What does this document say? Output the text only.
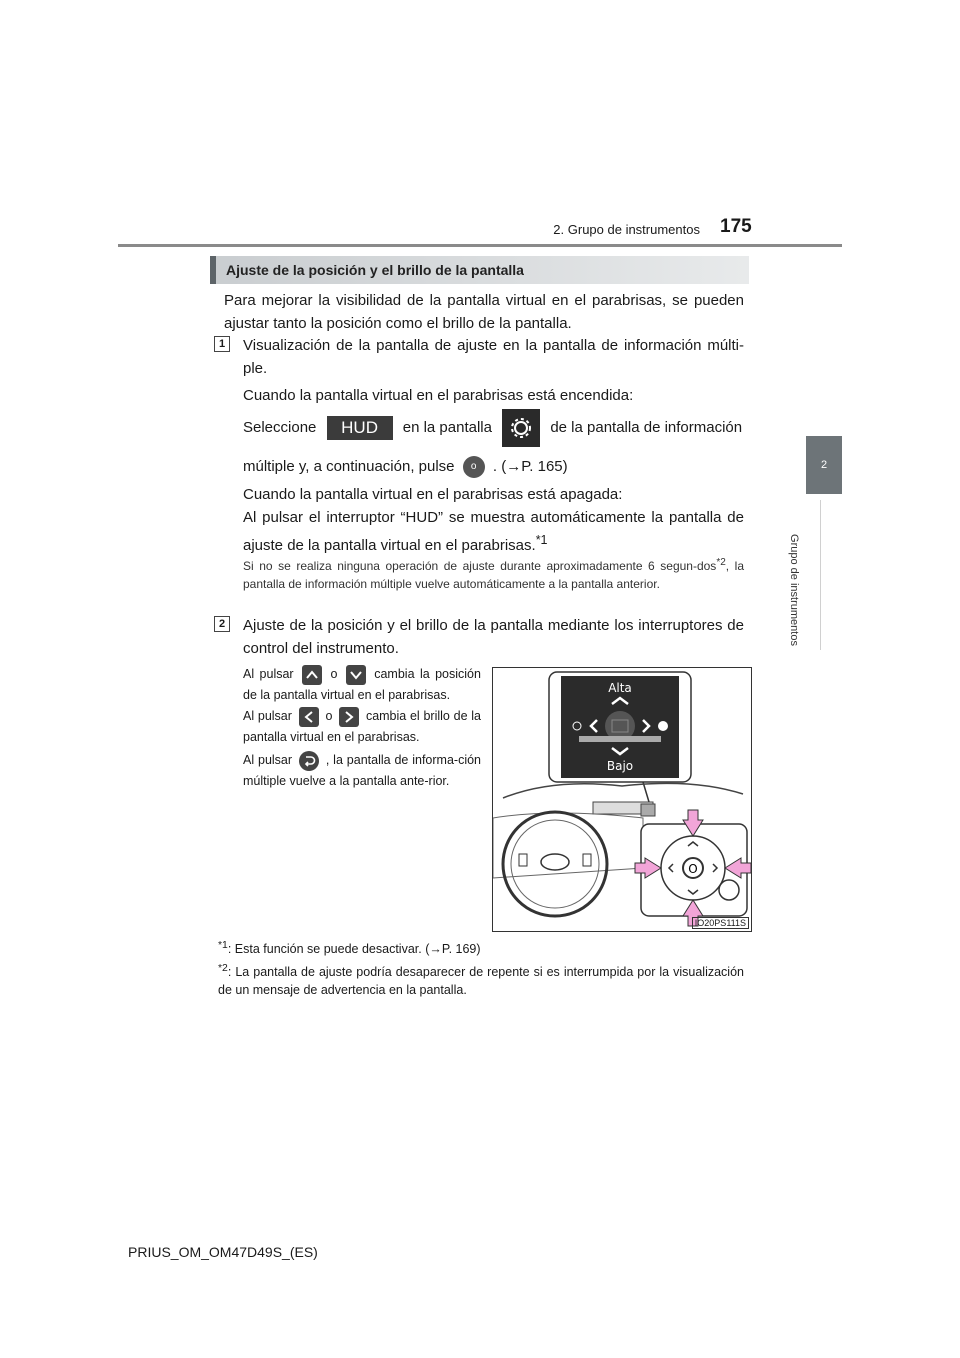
2. Grupo de instrumentos 175
2
Grupo de instrumentos
Ajuste de la posición y el brillo de la pantalla
Para mejorar la visibilidad de la pantalla virtual en el parabrisas, se pueden ajustar tanto la posición como el brillo de la pantalla.
1	Visualización de la pantalla de ajuste en la pantalla de información múlti-ple.
Cuando la pantalla virtual en el parabrisas está encendida:
Seleccione HUD en la pantalla	de la pantalla de información
múltiple y, a continuación, pulse o . (→P. 165)
Cuando la pantalla virtual en el parabrisas está apagada:
Al pulsar el interruptor “HUD” se muestra automáticamente la pantalla de ajuste de la pantalla virtual en el parabrisas.$^{*1}$
Si no se realiza ninguna operación de ajuste durante aproximadamente 6 segun-dos$^{*2}$, la pantalla de información múltiple vuelve automáticamente a la pantalla anterior.
2	Ajuste de la posición y el brillo de la pantalla mediante los interruptores de control del instrumento.
Al pulsar	o	cambia la posición de la pantalla virtual en el parabrisas.
Al pulsar	o	cambia el brillo de la pantalla virtual en el parabrisas.
Al pulsar	, la pantalla de informa-ción múltiple vuelve a la pantalla ante-rior.
Alta
Bajo
O
IO20PS111S
$^{*1}$: Esta función se puede desactivar. (→P. 169)
$^{*2}$: La pantalla de ajuste podría desaparecer de repente si es interrumpida por la visualización de un mensaje de advertencia en la pantalla.
PRIUS_OM_OM47D49S_(ES)
